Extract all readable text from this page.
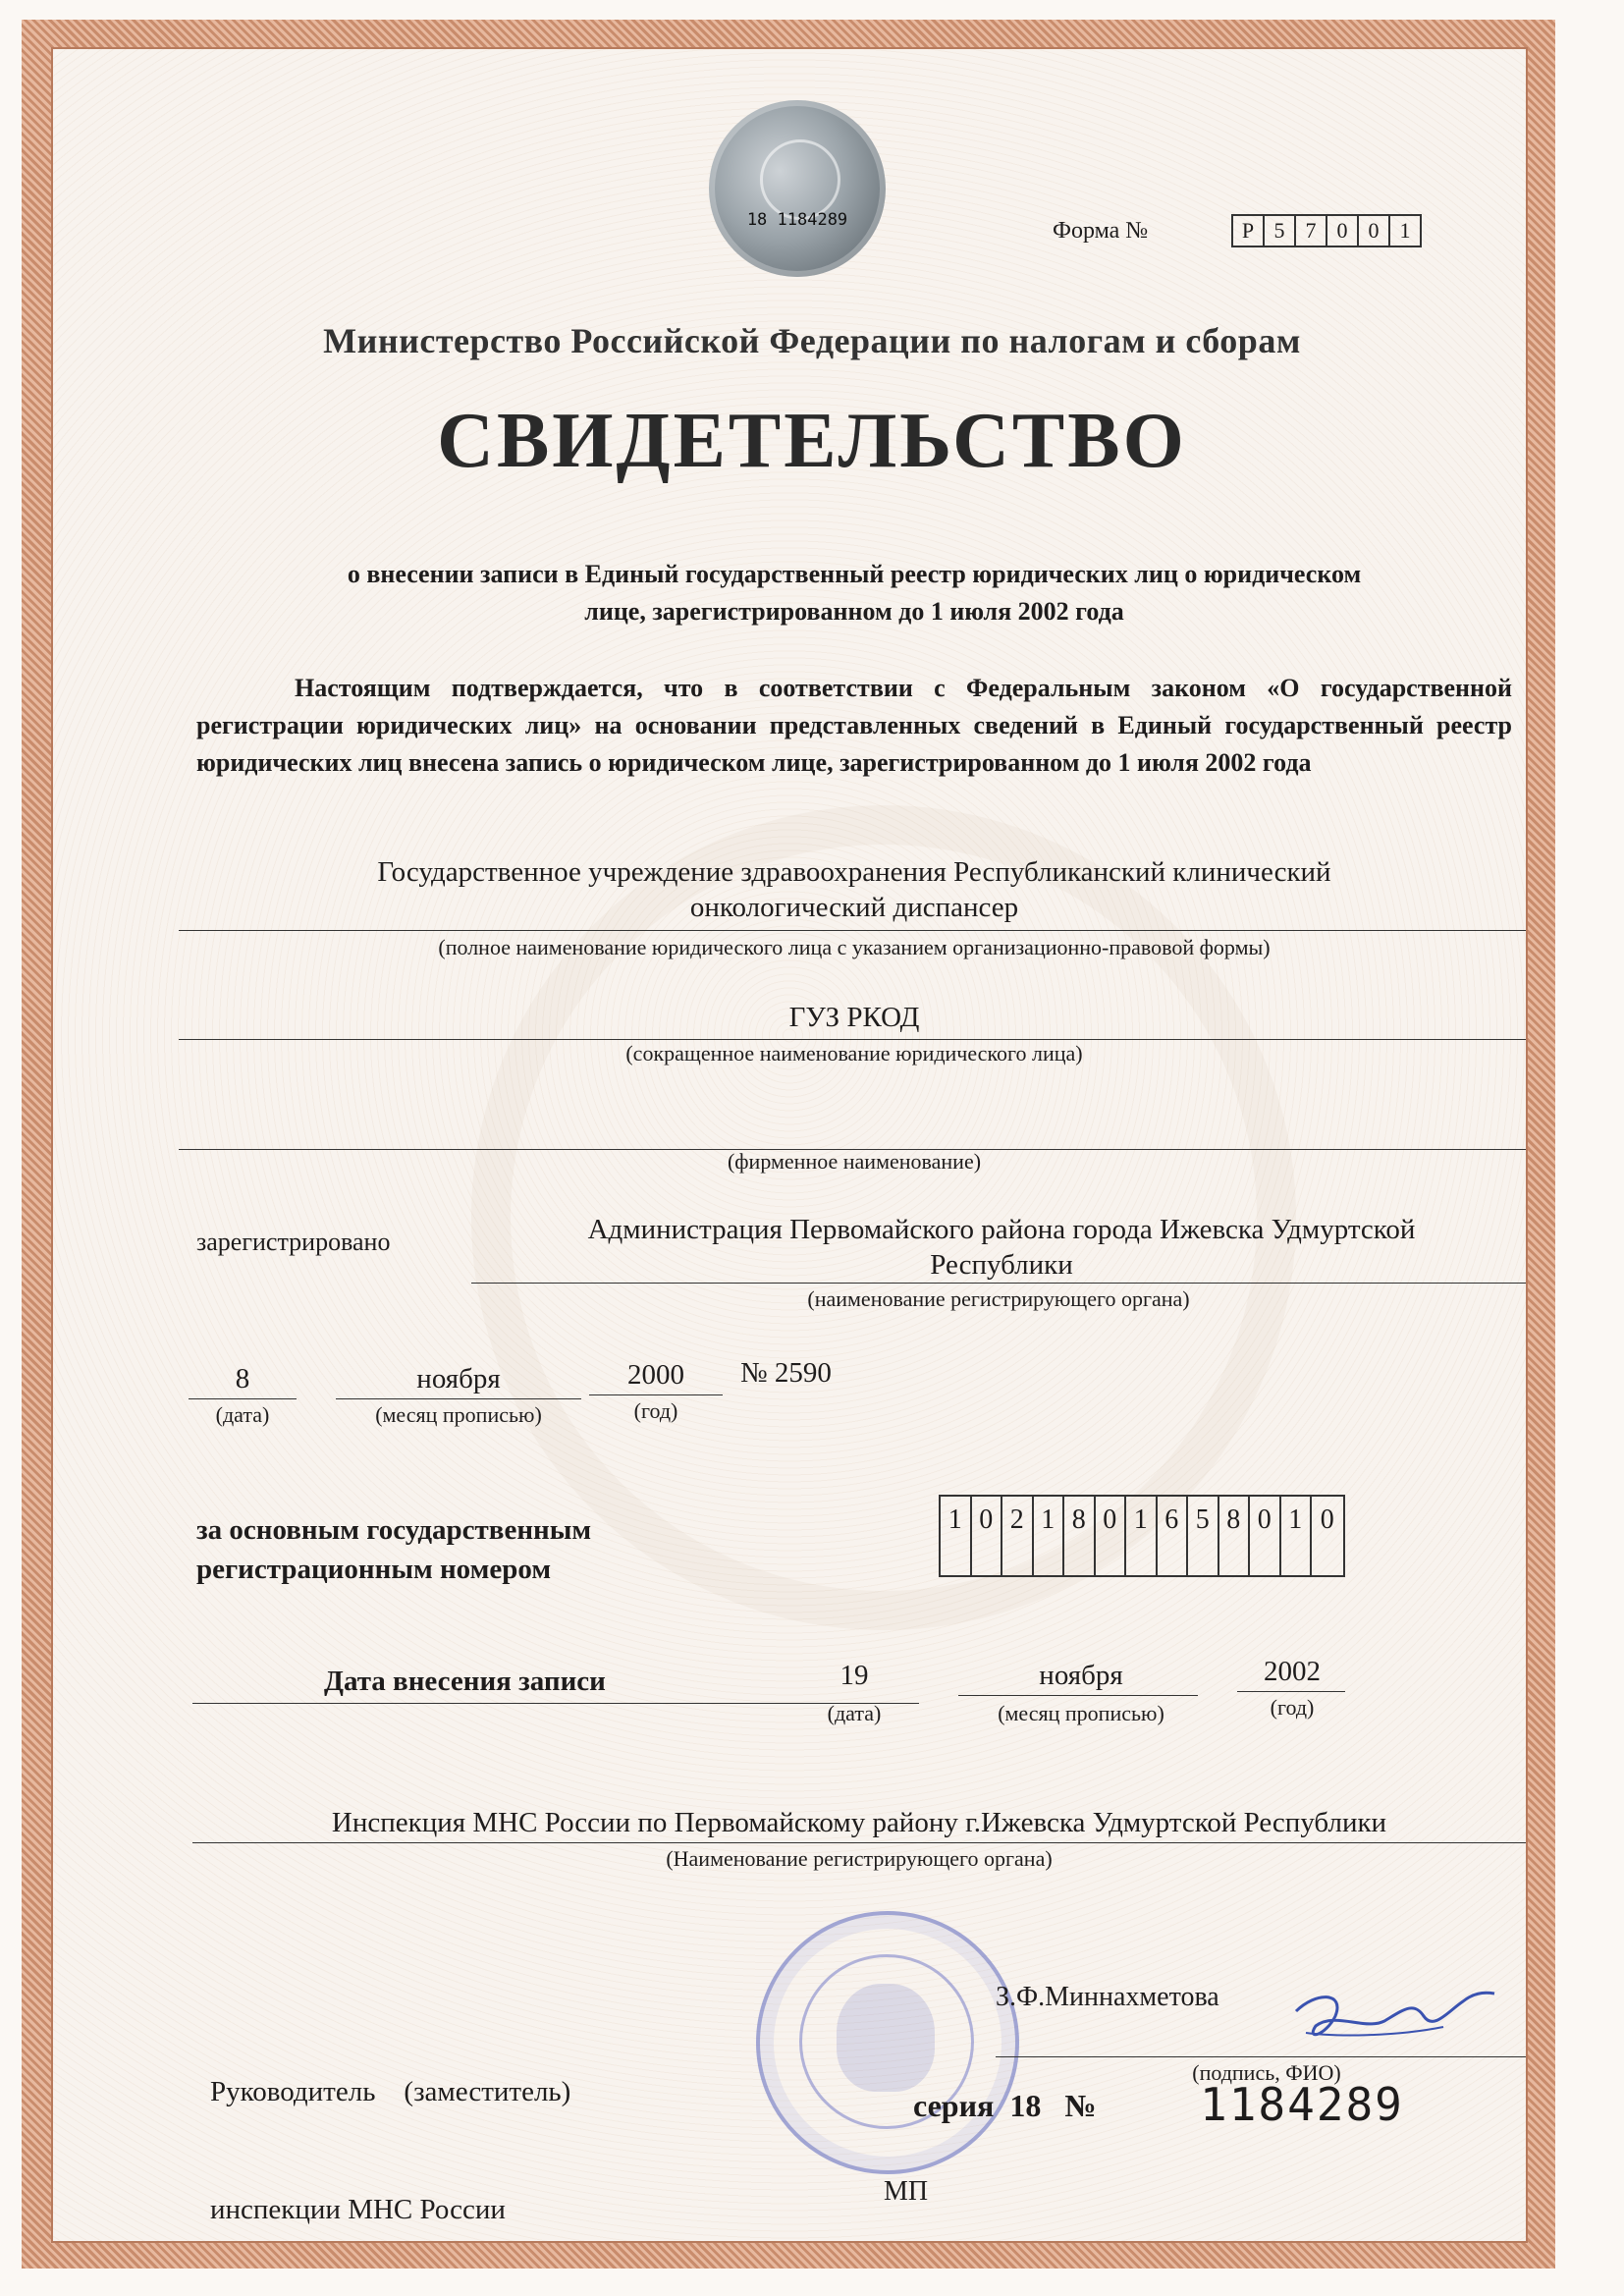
18 1184289	Форма №	Р 5 7 0 0 1
Министерство Российской Федерации по налогам и сборам
СВИДЕТЕЛЬСТВО
о внесении записи в Единый государственный реестр юридических лиц о юридическом
лице, зарегистрированном до 1 июля 2002 года
Настоящим подтверждается, что в соответствии с Федеральным законом «О государственной регистрации юридических лиц» на основании представленных сведений в Единый государственный реестр юридических лиц внесена запись о юридическом лице, зарегистрированном до 1 июля 2002 года
Государственное учреждение здравоохранения Республиканский клинический
онкологический диспансер
(полное наименование юридического лица с указанием организационно-правовой формы)
ГУЗ РКОД
(сокращенное наименование юридического лица)
(фирменное наименование)
зарегистрировано	Администрация Первомайского района города Ижевска Удмуртской
Республики
(наименование регистрирующего органа)
8
(дата)
ноября
(месяц прописью)
2000
(год)
№ 2590
за основным государственным
регистрационным номером
1 0 2 1 8 0 1 6 5 8 0 1 0
Дата внесения записи	19
(дата)
ноября
(месяц прописью)
2002
(год)
Инспекция МНС России по Первомайскому району г.Ижевска Удмуртской Республики
(Наименование регистрирующего органа)

Руководитель    (заместитель)

инспекции МНС России

З.Ф.Миннахметова
(подпись, ФИО)
серия  18   № 1184289
МП
